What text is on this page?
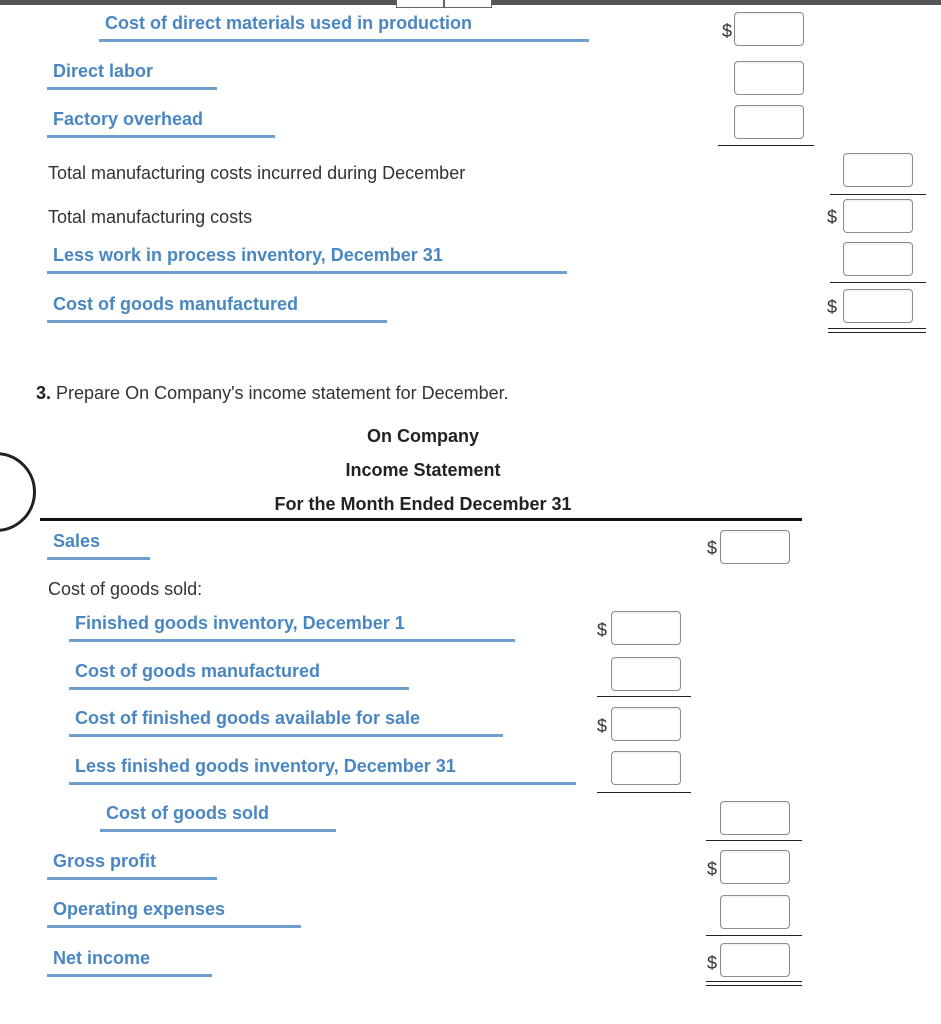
Cost of direct materials used in production	$
Direct labor
Factory overhead
Total manufacturing costs incurred during December
Total manufacturing costs	$
Less work in process inventory, December 31
Cost of goods manufactured	$
3. Prepare On Company's income statement for December.
On Company
Income Statement
For the Month Ended December 31
Sales	$
Cost of goods sold:
Finished goods inventory, December 1	$
Cost of goods manufactured
Cost of finished goods available for sale	$
Less finished goods inventory, December 31
Cost of goods sold
Gross profit	$
Operating expenses
Net income	$
